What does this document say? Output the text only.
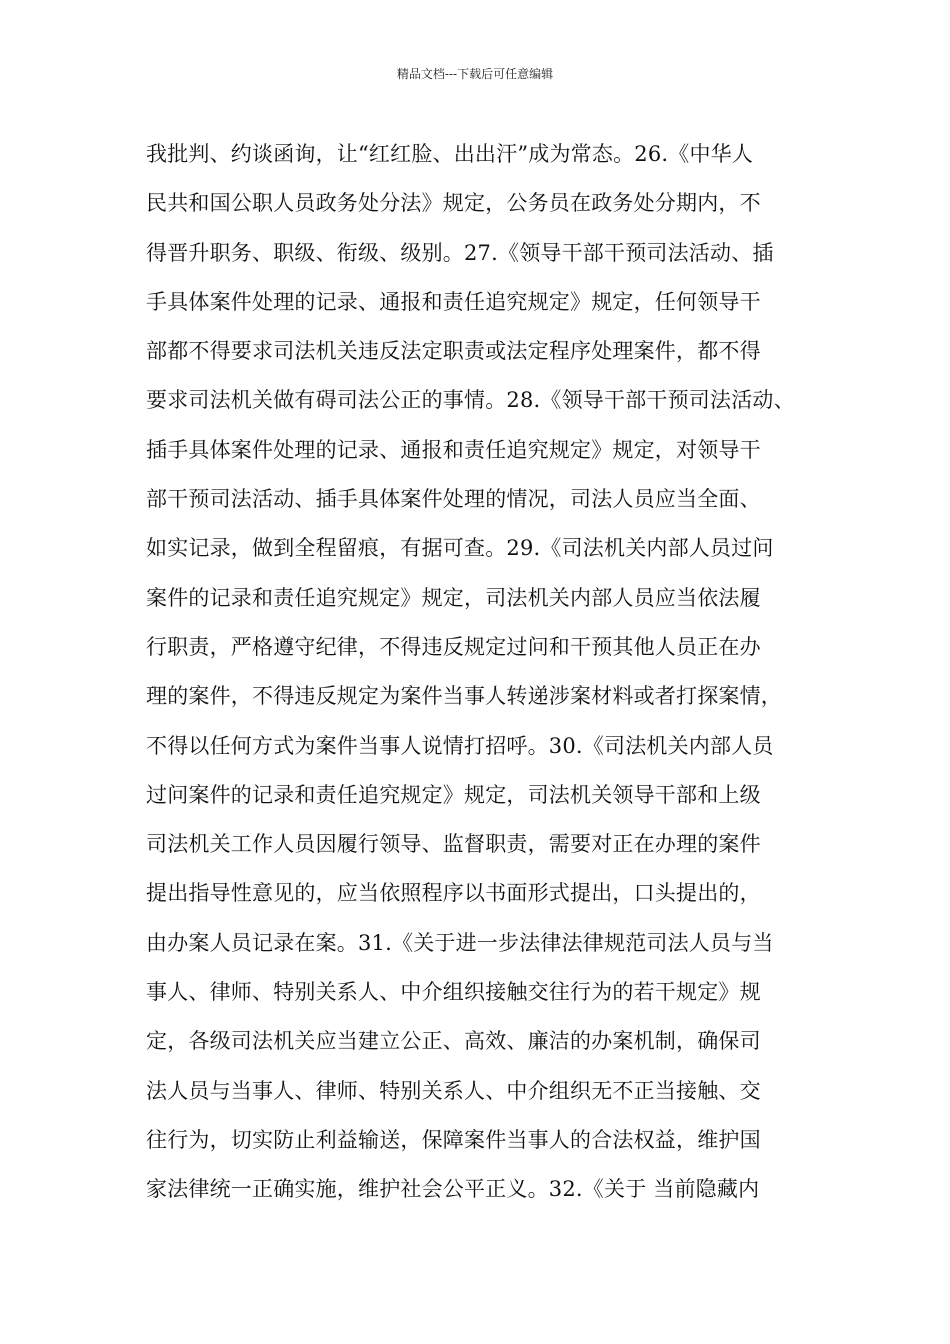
精品文档---下载后可任意编辑
我批判、约谈函询，让“红红脸、出出汗”成为常态。26.《中华人
民共和国公职人员政务处分法》规定，公务员在政务处分期内，不
得晋升职务、职级、衔级、级别。27.《领导干部干预司法活动、插
手具体案件处理的记录、通报和责任追究规定》规定，任何领导干
部都不得要求司法机关违反法定职责或法定程序处理案件，都不得
要求司法机关做有碍司法公正的事情。28.《领导干部干预司法活动、
插手具体案件处理的记录、通报和责任追究规定》规定，对领导干
部干预司法活动、插手具体案件处理的情况，司法人员应当全面、
如实记录，做到全程留痕，有据可查。29.《司法机关内部人员过问
案件的记录和责任追究规定》规定，司法机关内部人员应当依法履
行职责，严格遵守纪律，不得违反规定过问和干预其他人员正在办
理的案件，不得违反规定为案件当事人转递涉案材料或者打探案情，
不得以任何方式为案件当事人说情打招呼。30.《司法机关内部人员
过问案件的记录和责任追究规定》规定，司法机关领导干部和上级
司法机关工作人员因履行领导、监督职责，需要对正在办理的案件
提出指导性意见的，应当依照程序以书面形式提出，口头提出的，
由办案人员记录在案。31.《关于进一步法律法律规范司法人员与当
事人、律师、特别关系人、中介组织接触交往行为的若干规定》规
定，各级司法机关应当建立公正、高效、廉洁的办案机制，确保司
法人员与当事人、律师、特别关系人、中介组织无不正当接触、交
往行为，切实防止利益输送，保障案件当事人的合法权益，维护国
家法律统一正确实施，维护社会公平正义。32.《关于 当前隐藏内
